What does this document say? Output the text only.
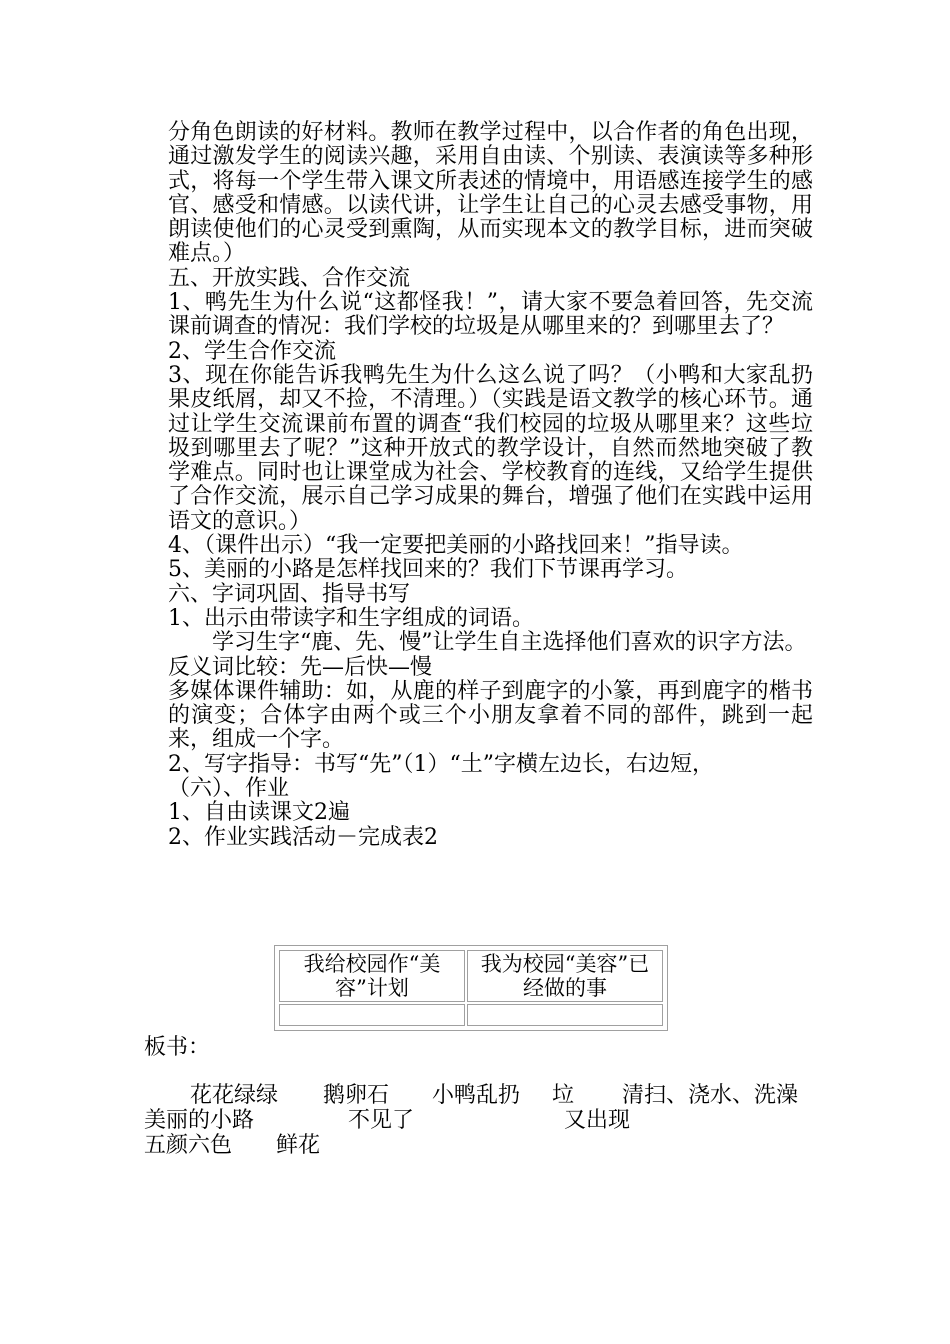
分角色朗读的好材料。教师在教学过程中，以合作者的角色出现，通过激发学生的阅读兴趣，采用自由读、个别读、表演读等多种形式，将每一个学生带入课文所表述的情境中，用语感连接学生的感官、感受和情感。以读代讲，让学生让自己的心灵去感受事物，用朗读使他们的心灵受到熏陶，从而实现本文的教学目标，进而突破难点。）

五、开放实践、合作交流

1、鸭先生为什么说“这都怪我！”，请大家不要急着回答，先交流课前调查的情况：我们学校的垃圾是从哪里来的？到哪里去了？

2、学生合作交流

3、现在你能告诉我鸭先生为什么这么说了吗？（小鸭和大家乱扔果皮纸屑，却又不捡，不清理。）（实践是语文教学的核心环节。通过让学生交流课前布置的调查“我们校园的垃圾从哪里来？这些垃圾到哪里去了呢？”这种开放式的教学设计，自然而然地突破了教学难点。同时也让课堂成为社会、学校教育的连线，又给学生提供了合作交流，展示自己学习成果的舞台，增强了他们在实践中运用语文的意识。）

4、（课件出示）“我一定要把美丽的小路找回来！”指导读。

5、美丽的小路是怎样找回来的？我们下节课再学习。

六、字词巩固、指导书写

1、出示由带读字和生字组成的词语。

学习生字“鹿、先、慢”让学生自主选择他们喜欢的识字方法。

反义词比较：先—后快—慢

多媒体课件辅助：如，从鹿的样子到鹿字的小篆，再到鹿字的楷书的演变；合体字由两个或三个小朋友拿着不同的部件，跳到一起来，组成一个字。

2、写字指导：书写“先”（1）“土”字横左边长，右边短，

（六）、作业

1、自由读课文2遍

2、作业实践活动－完成表2

我给校园作“美容”计划	我为校园“美容”已经做的事

板书：
花花绿绿 鹅卵石 小鸭乱扔 垃 清扫、浇水、洗澡
美丽的小路	不见了	又出现
五颜六色 鲜花
